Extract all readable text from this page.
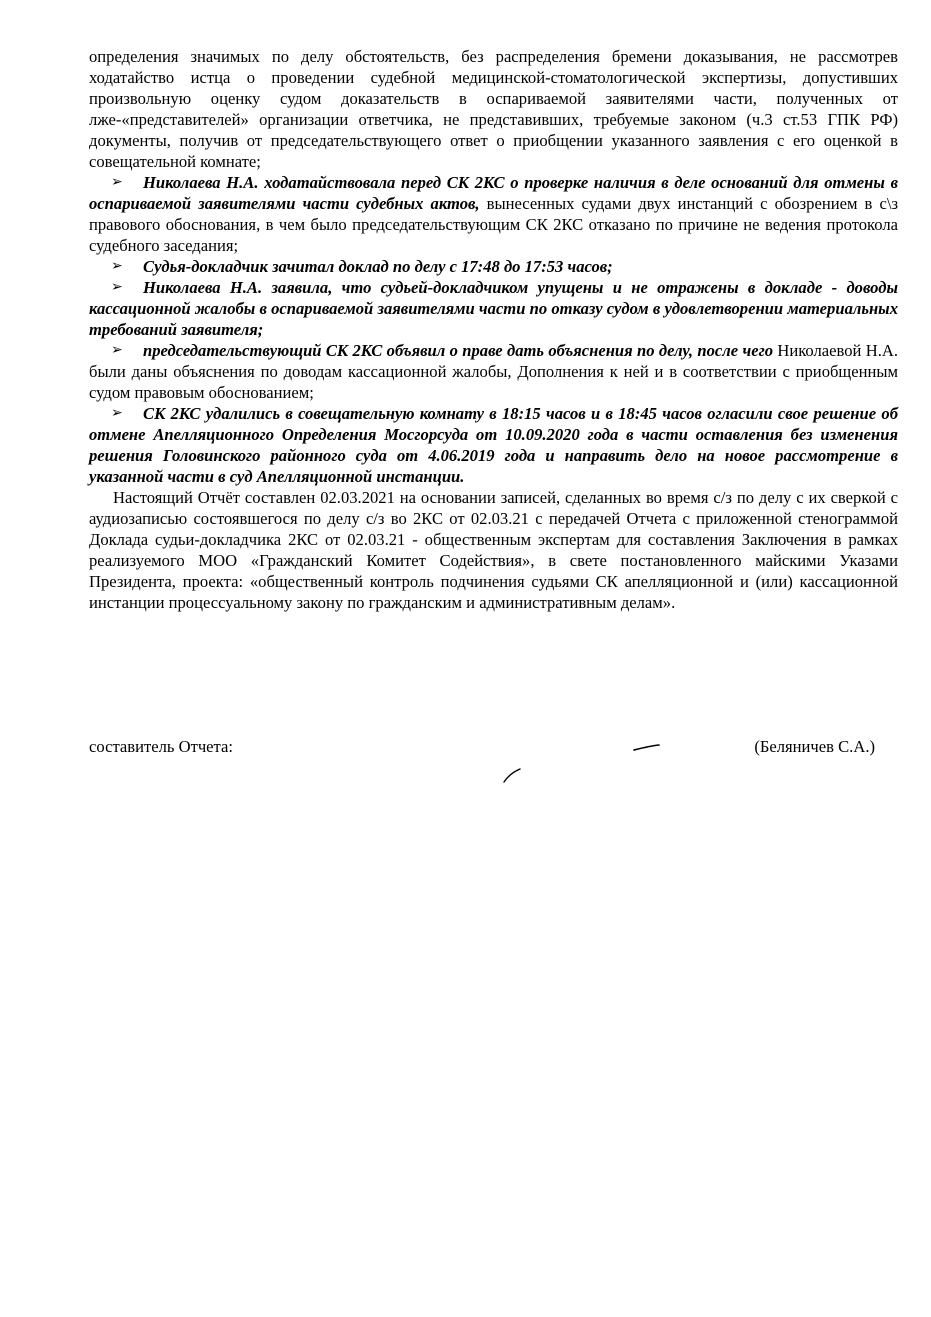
определения значимых по делу обстоятельств, без распределения бремени доказывания, не рассмотрев ходатайство истца о проведении судебной медицинской-стоматологической экспертизы, допустивших произвольную оценку судом доказательств в оспариваемой заявителями части, полученных от лже-«представителей» организации ответчика, не представивших, требуемые законом (ч.3 ст.53 ГПК РФ) документы, получив от председательствующего ответ о приобщении указанного заявления с его оценкой в совещательной комнате;

➢ Николаева Н.А. ходатайствовала перед СК 2КС о проверке наличия в деле оснований для отмены в оспариваемой заявителями части судебных актов, вынесенных судами двух инстанций с обозрением в с\з правового обоснования, в чем было председательствующим СК 2КС отказано по причине не ведения протокола судебного заседания;

➢ Судья-докладчик зачитал доклад по делу с 17:48 до 17:53 часов;

➢ Николаева Н.А. заявила, что судьей-докладчиком упущены и не отражены в докладе - доводы кассационной жалобы в оспариваемой заявителями части по отказу судом в удовлетворении материальных требований заявителя;

➢ председательствующий СК 2КС объявил о праве дать объяснения по делу, после чего Николаевой Н.А. были даны объяснения по доводам кассационной жалобы, Дополнения к ней и в соответствии с приобщенным судом правовым обоснованием;

➢ СК 2КС удалились в совещательную комнату в 18:15 часов и в 18:45 часов огласили свое решение об отмене Апелляционного Определения Мосгорсуда от 10.09.2020 года в части оставления без изменения решения Головинского районного суда от 4.06.2019 года и направить дело на новое рассмотрение в указанной части в суд Апелляционной инстанции.

Настоящий Отчёт составлен 02.03.2021 на основании записей, сделанных во время с/з по делу с их сверкой с аудиозаписью состоявшегося по делу с/з во 2КС от 02.03.21 с передачей Отчета с приложенной стенограммой Доклада судьи-докладчика 2КС от 02.03.21 - общественным экспертам для составления Заключения в рамках реализуемого МОО «Гражданский Комитет Содействия», в свете постановленного майскими Указами Президента, проекта: «общественный контроль подчинения судьями СК апелляционной и (или) кассационной инстанции процессуальному закону по гражданским и административным делам».

составитель Отчета:	(Беляничев С.А.)
